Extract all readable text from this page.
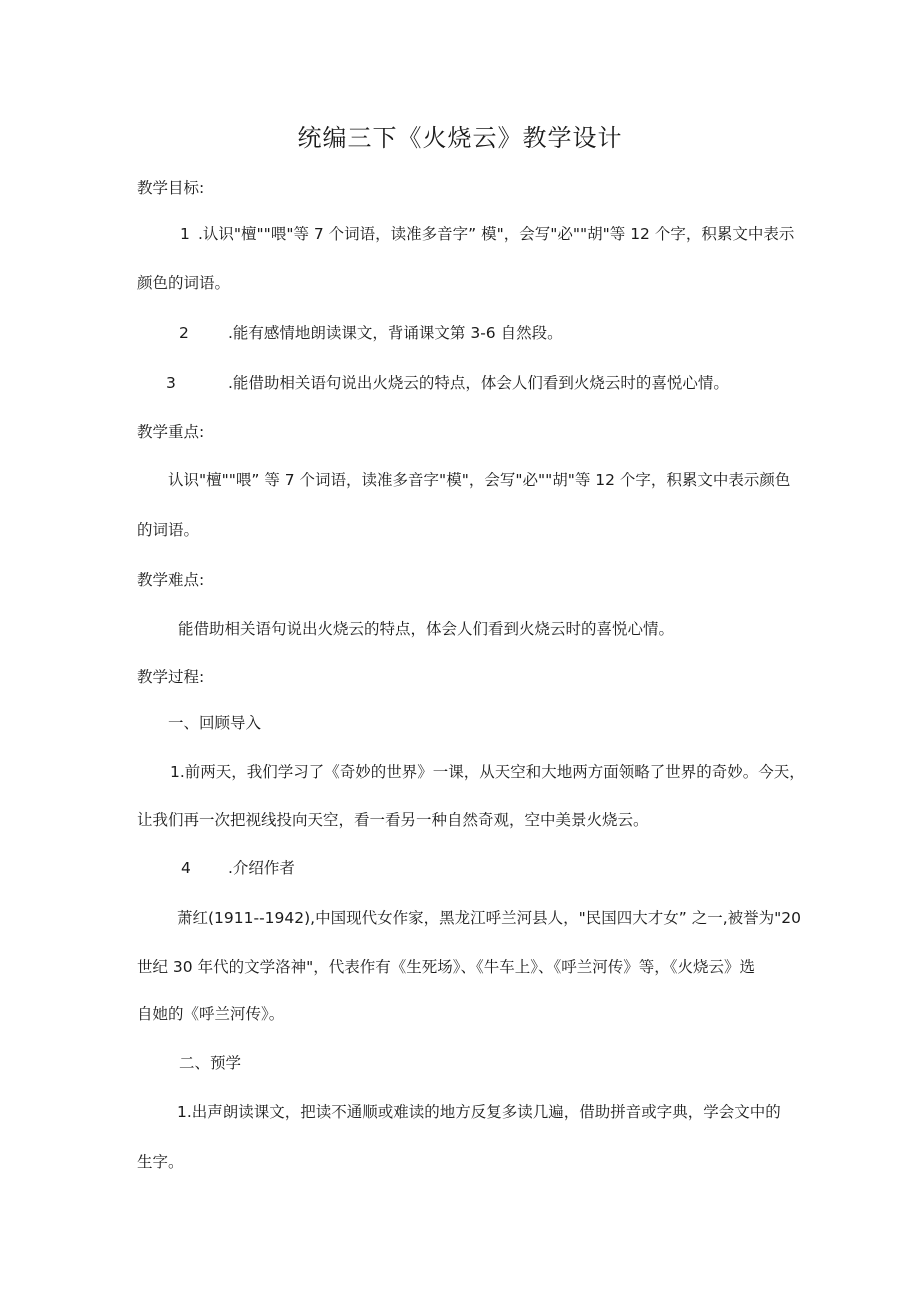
统编三下《火烧云》教学设计
教学目标:
1 .认识"檀""喂"等 7 个词语，读准多音字” 模"，会写"必""胡"等 12 个字，积累文中表示
颜色的词语。
2	.能有感情地朗读课文，背诵课文第 3-6 自然段。
3	.能借助相关语句说出火烧云的特点，体会人们看到火烧云时的喜悦心情。
教学重点:
认识"檀""喂” 等 7 个词语，读准多音字"模"，会写"必""胡"等 12 个字，积累文中表示颜色
的词语。
教学难点:
能借助相关语句说出火烧云的特点，体会人们看到火烧云时的喜悦心情。
教学过程:
一、回顾导入
1.前两天，我们学习了《奇妙的世界》一课，从天空和大地两方面领略了世界的奇妙。今天，
让我们再一次把视线投向天空，看一看另一种自然奇观，空中美景火烧云。
4 .介绍作者
萧红(1911--1942),中国现代女作家，黑龙江呼兰河县人，"民国四大才女” 之一,被誉为"20
世纪 30 年代的文学洛神"，代表作有《生死场》、《牛车上》、《呼兰河传》等，《火烧云》选
自她的《呼兰河传》。
二、预学
1.出声朗读课文，把读不通顺或难读的地方反复多读几遍，借助拼音或字典，学会文中的
生字。
